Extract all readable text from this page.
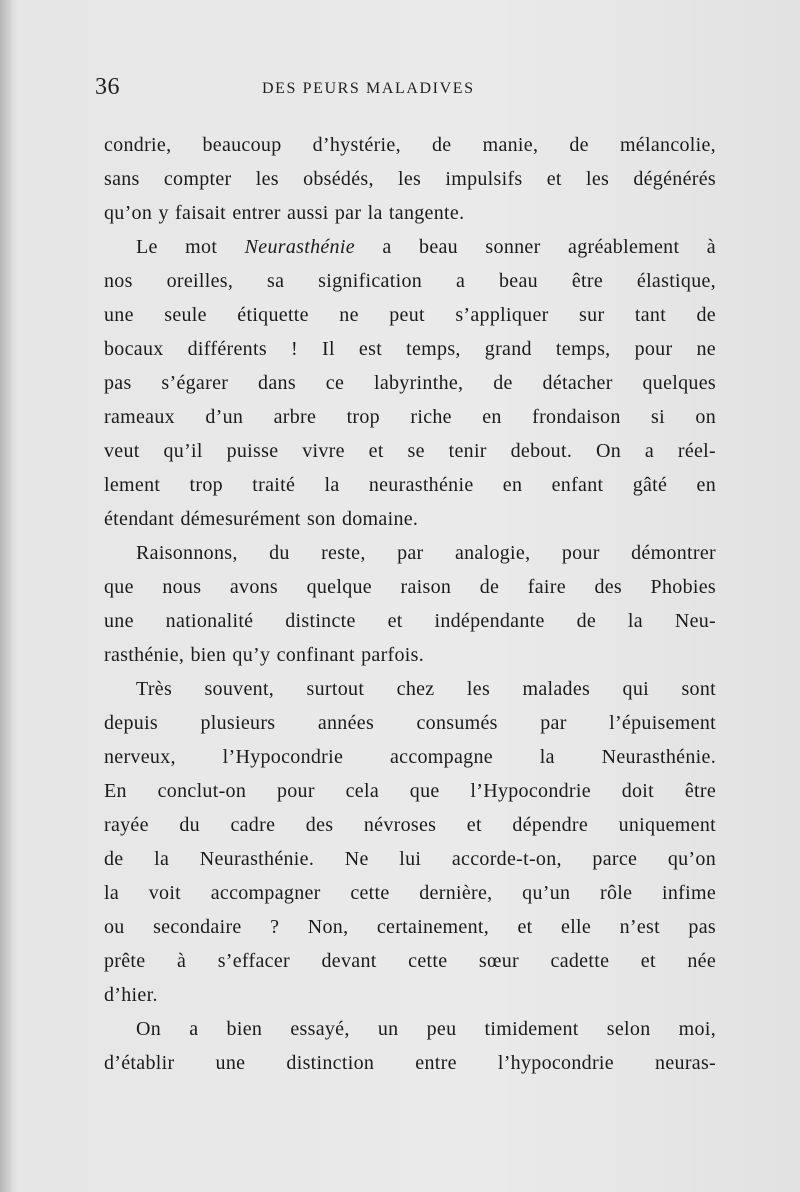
36	DES PEURS MALADIVES
condrie, beaucoup d’hystérie, de manie, de mélancolie,
sans compter les obsédés, les impulsifs et les dégénérés
qu’on y faisait entrer aussi par la tangente.
Le mot Neurasthénie a beau sonner agréablement à
nos oreilles, sa signification a beau être élastique,
une seule étiquette ne peut s’appliquer sur tant de
bocaux différents ! Il est temps, grand temps, pour ne
pas s’égarer dans ce labyrinthe, de détacher quelques
rameaux d’un arbre trop riche en frondaison si on
veut qu’il puisse vivre et se tenir debout. On a réel-
lement trop traité la neurasthénie en enfant gâté en
étendant démesurément son domaine.
Raisonnons, du reste, par analogie, pour démontrer
que nous avons quelque raison de faire des Phobies
une nationalité distincte et indépendante de la Neu-
rasthénie, bien qu’y confinant parfois.
Très souvent, surtout chez les malades qui sont
depuis plusieurs années consumés par l’épuisement
nerveux, l’Hypocondrie accompagne la Neurasthénie.
En conclut-on pour cela que l’Hypocondrie doit être
rayée du cadre des névroses et dépendre uniquement
de la Neurasthénie. Ne lui accorde-t-on, parce qu’on
la voit accompagner cette dernière, qu’un rôle infime
ou secondaire ? Non, certainement, et elle n’est pas
prête à s’effacer devant cette sœur cadette et née
d’hier.
On a bien essayé, un peu timidement selon moi,
d’établir une distinction entre l’hypocondrie neuras-
